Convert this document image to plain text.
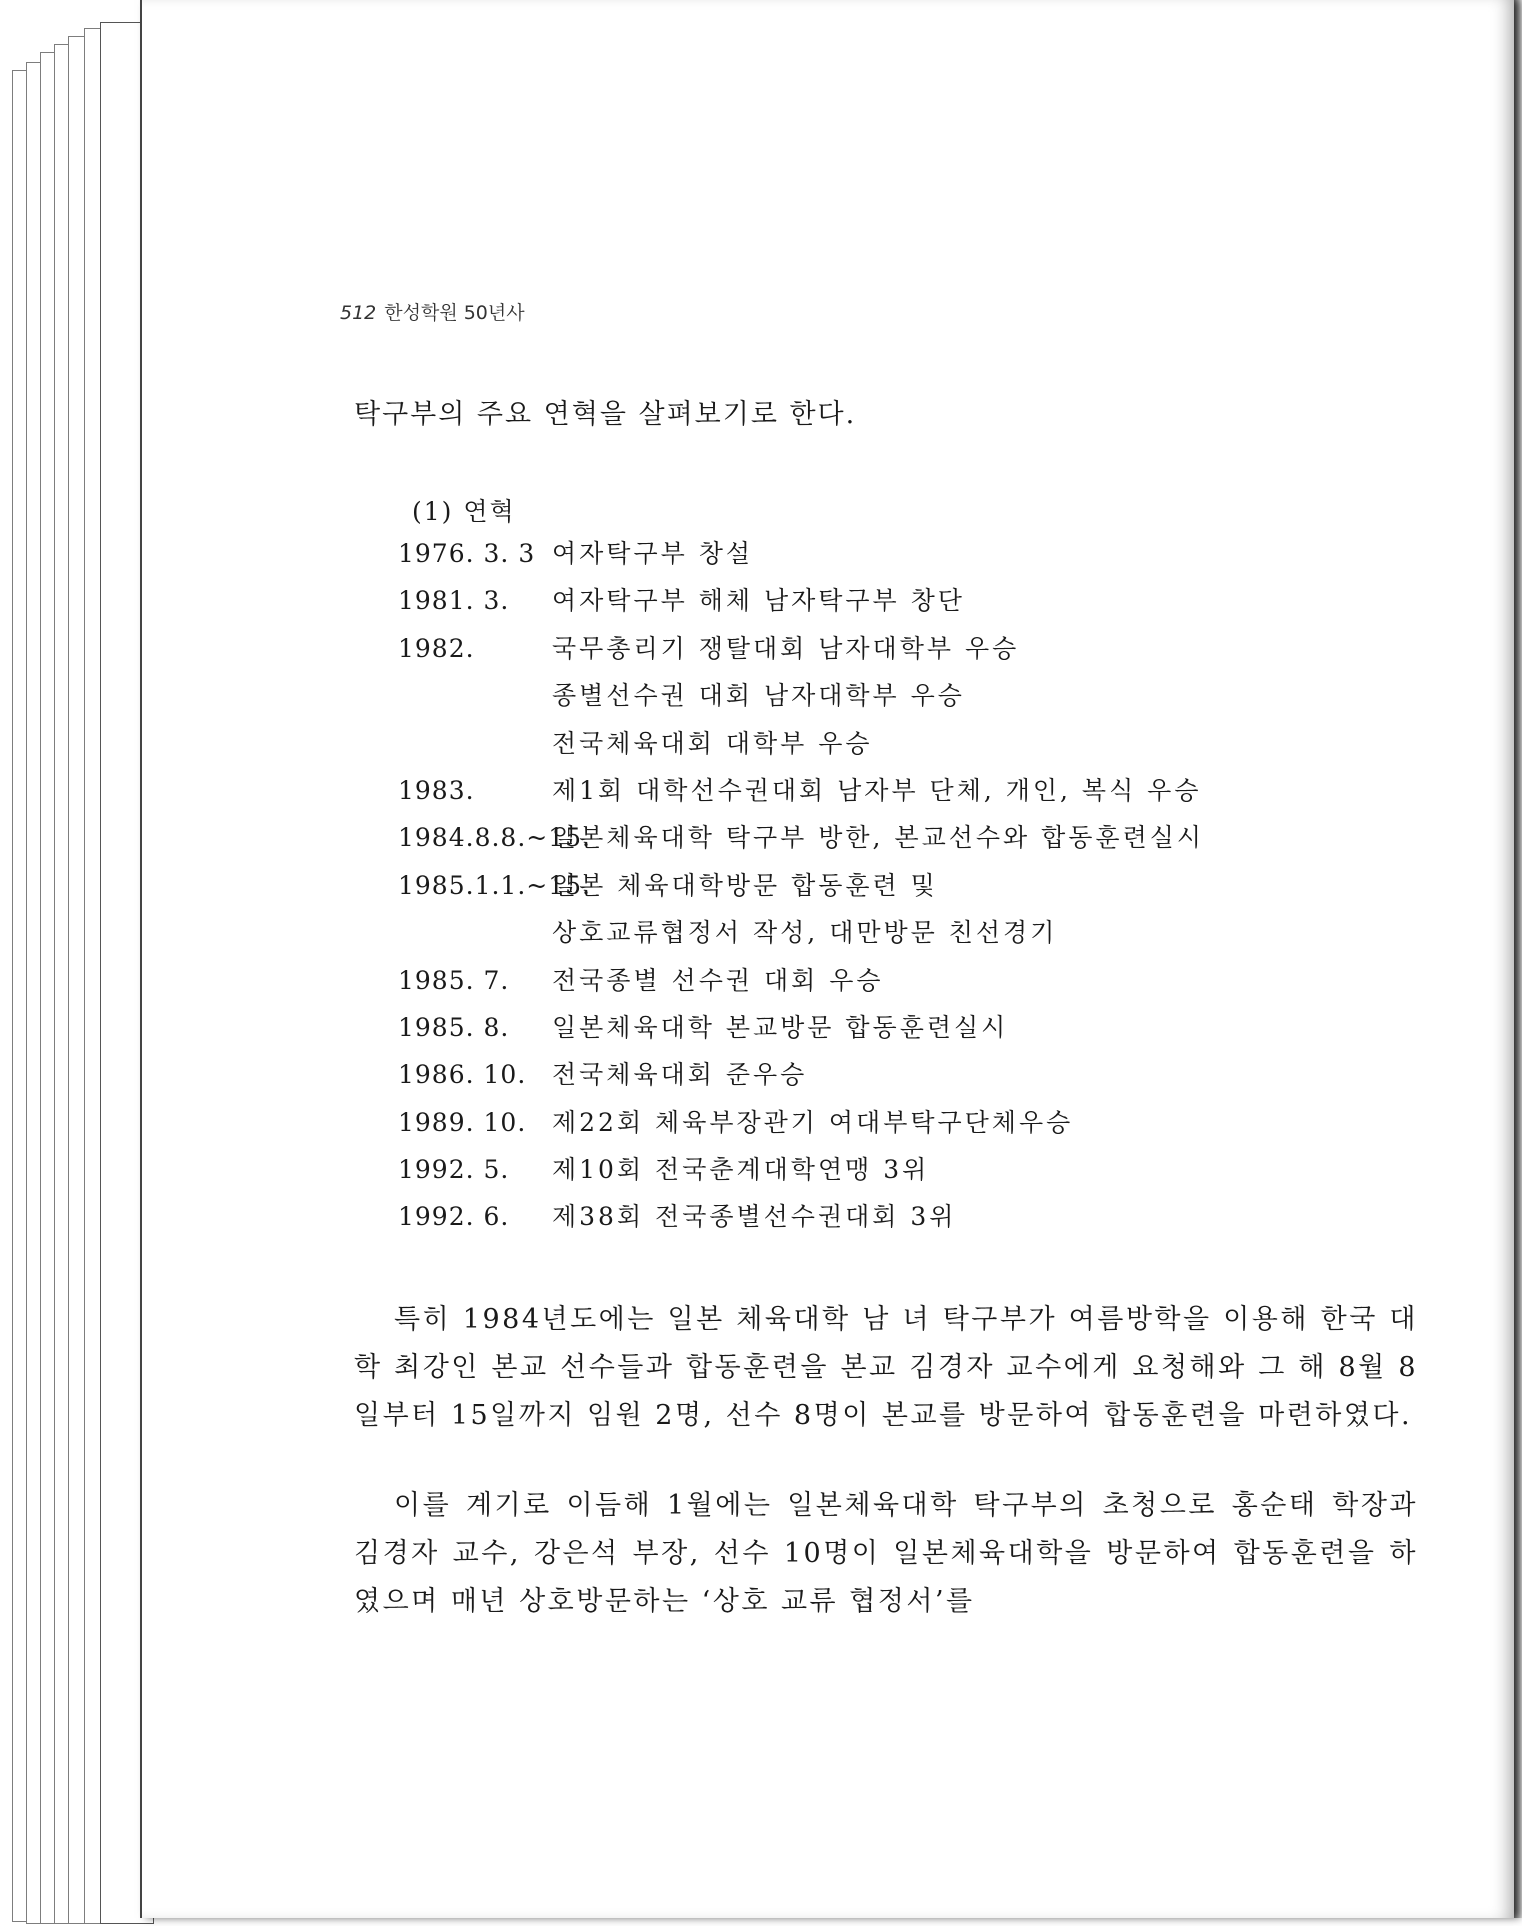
512 한성학원 50년사
탁구부의 주요 연혁을 살펴보기로 한다.
(1) 연혁
1976. 3. 3 여자탁구부 창설
1981. 3. 여자탁구부 해체 남자탁구부 창단
1982.	국무총리기 쟁탈대회 남자대학부 우승
종별선수권 대회 남자대학부 우승
전국체육대회 대학부 우승
1983.	제1회 대학선수권대회 남자부 단체, 개인, 복식 우승
1984.8.8.~15.
일본체육대학 탁구부 방한, 본교선수와 합동훈련실시
1985.1.1.~15.
일본 체육대학방문 합동훈련 및
상호교류협정서 작성, 대만방문 친선경기
1985. 7. 전국종별 선수권 대회 우승
1985. 8. 일본체육대학 본교방문 합동훈련실시
1986. 10. 전국체육대회 준우승
1989. 10. 제22회 체육부장관기 여대부탁구단체우승
1992. 5. 제10회 전국춘계대학연맹 3위
1992. 6. 제38회 전국종별선수권대회 3위

특히 1984년도에는 일본 체육대학 남 녀 탁구부가 여름방학을 이용해 한국 대학 최강인 본교 선수들과 합동훈련을 본교 김경자 교수에게 요청해와 그 해 8월 8일부터 15일까지 임원 2명, 선수 8명이 본교를 방문하여 합동훈련을 마련하였다.

이를 계기로 이듬해 1월에는 일본체육대학 탁구부의 초청으로 홍순태 학장과 김경자 교수, 강은석 부장, 선수 10명이 일본체육대학을 방문하여 합동훈련을 하였으며 매년 상호방문하는 ‘상호 교류 협정서’를
